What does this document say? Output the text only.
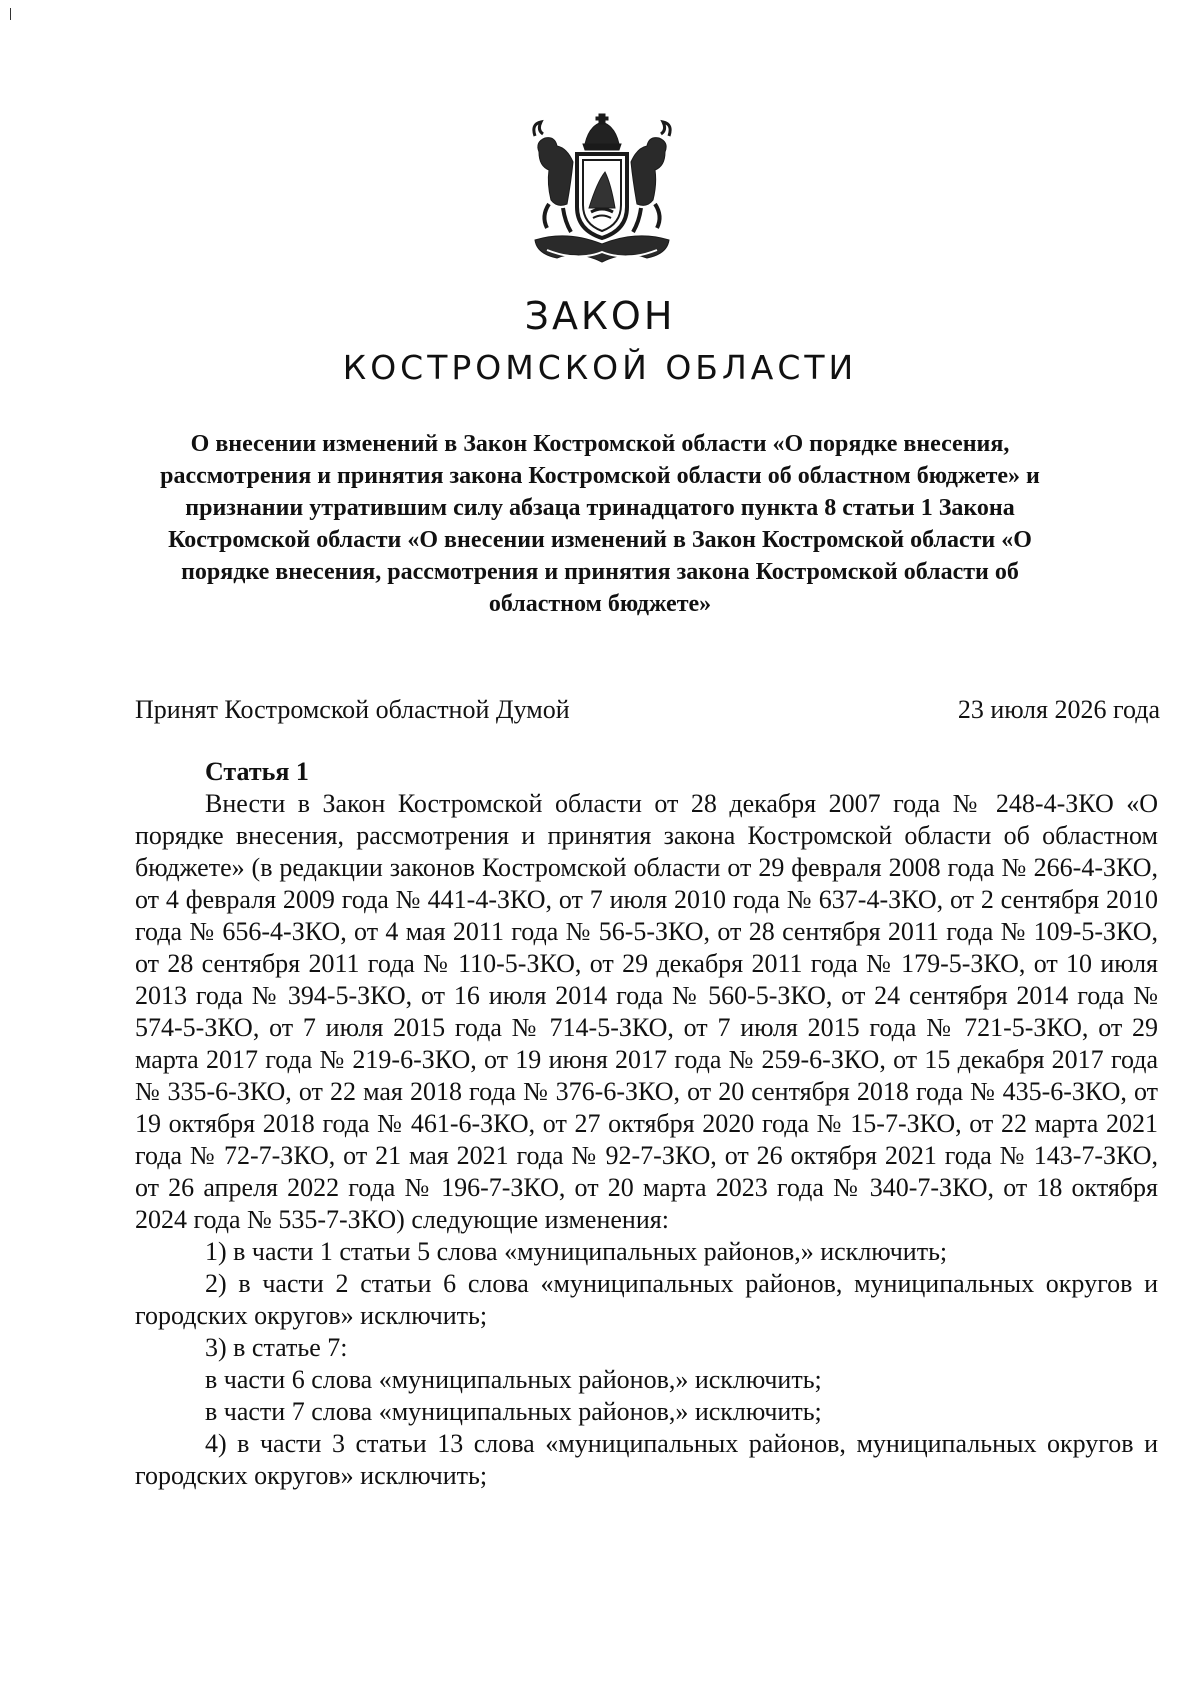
ЗАКОН
КОСТРОМСКОЙ ОБЛАСТИ

О внесении изменений в Закон Костромской области «О порядке внесения, рассмотрения и принятия закона Костромской области об областном бюджете» и признании утратившим силу абзаца тринадцатого пункта 8 статьи 1 Закона Костромской области «О внесении изменений в Закон Костромской области «О порядке внесения, рассмотрения и принятия закона Костромской области об областном бюджете»

Принят Костромской областной Думой	23 июля 2026 года
Статья 1

Внести в Закон Костромской области от 28 декабря 2007 года № 248-4-ЗКО «О порядке внесения, рассмотрения и принятия закона Костромской области об областном бюджете» (в редакции законов Костромской области от 29 февраля 2008 года № 266-4-ЗКО, от 4 февраля 2009 года № 441-4-ЗКО, от 7 июля 2010 года № 637-4-ЗКО, от 2 сентября 2010 года № 656-4-ЗКО, от 4 мая 2011 года № 56-5-ЗКО, от 28 сентября 2011 года № 109-5-ЗКО, от 28 сентября 2011 года № 110-5-ЗКО, от 29 декабря 2011 года № 179-5-ЗКО, от 10 июля 2013 года № 394-5-ЗКО, от 16 июля 2014 года № 560-5-ЗКО, от 24 сентября 2014 года № 574-5-ЗКО, от 7 июля 2015 года № 714-5-ЗКО, от 7 июля 2015 года № 721-5-ЗКО, от 29 марта 2017 года № 219-6-ЗКО, от 19 июня 2017 года № 259-6-ЗКО, от 15 декабря 2017 года № 335-6-ЗКО, от 22 мая 2018 года № 376-6-ЗКО, от 20 сентября 2018 года № 435-6-ЗКО, от 19 октября 2018 года № 461-6-ЗКО, от 27 октября 2020 года № 15-7-ЗКО, от 22 марта 2021 года № 72-7-ЗКО, от 21 мая 2021 года № 92-7-ЗКО, от 26 октября 2021 года № 143-7-ЗКО, от 26 апреля 2022 года № 196-7-ЗКО, от 20 марта 2023 года № 340-7-ЗКО, от 18 октября 2024 года № 535-7-ЗКО) следующие изменения:

1) в части 1 статьи 5 слова «муниципальных районов,» исключить;

2) в части 2 статьи 6 слова «муниципальных районов, муниципальных округов и городских округов» исключить;

3) в статье 7:

в части 6 слова «муниципальных районов,» исключить;

в части 7 слова «муниципальных районов,» исключить;

4) в части 3 статьи 13 слова «муниципальных районов, муниципальных округов и городских округов» исключить;
